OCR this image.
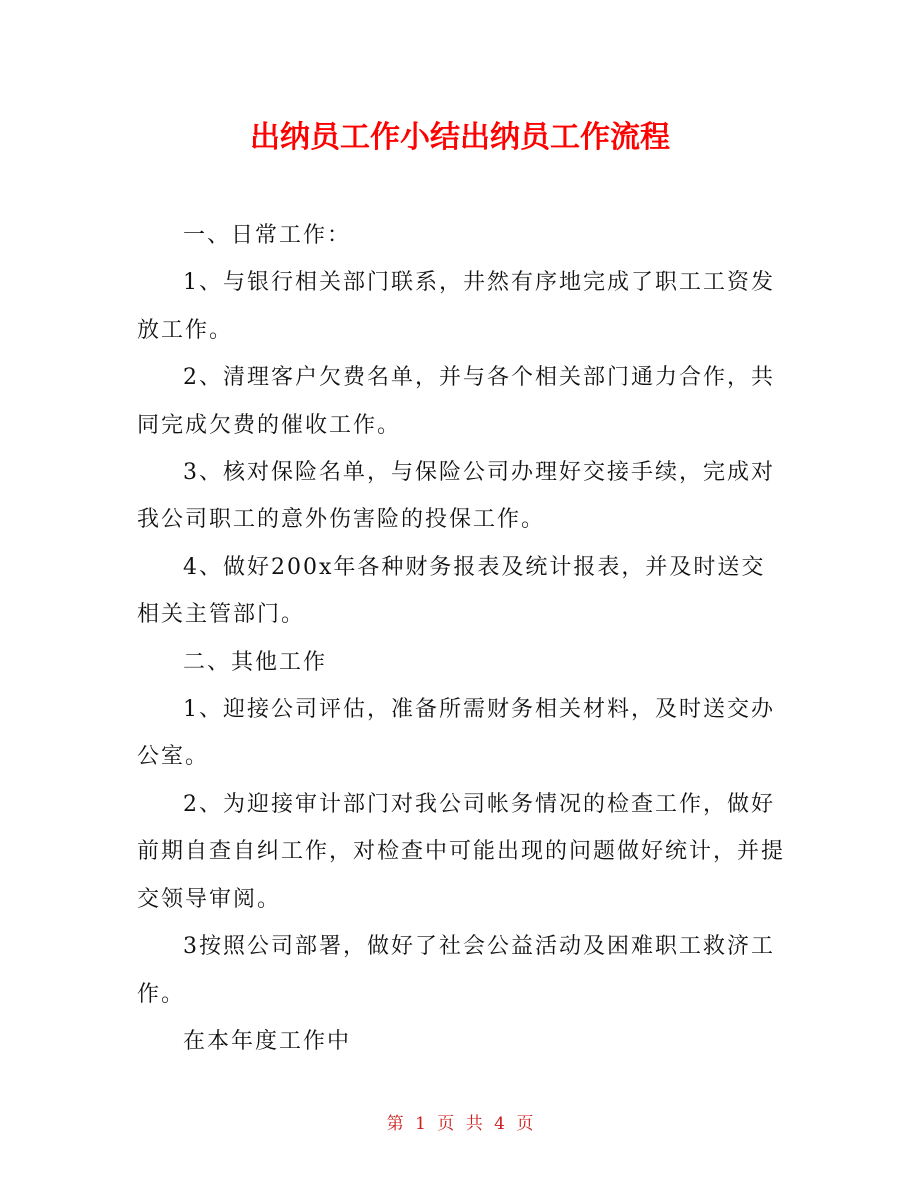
出纳员工作小结出纳员工作流程

一、日常工作：

1、与银行相关部门联系，井然有序地完成了职工工资发放工作。

2、清理客户欠费名单，并与各个相关部门通力合作，共同完成欠费的催收工作。

3、核对保险名单，与保险公司办理好交接手续，完成对我公司职工的意外伤害险的投保工作。

4、做好200x年各种财务报表及统计报表，并及时送交相关主管部门。

二、其他工作

1、迎接公司评估，准备所需财务相关材料，及时送交办公室。

2、为迎接审计部门对我公司帐务情况的检查工作，做好前期自查自纠工作，对检查中可能出现的问题做好统计，并提交领导审阅。

3按照公司部署，做好了社会公益活动及困难职工救济工作。

在本年度工作中

第 1 页 共 4 页
